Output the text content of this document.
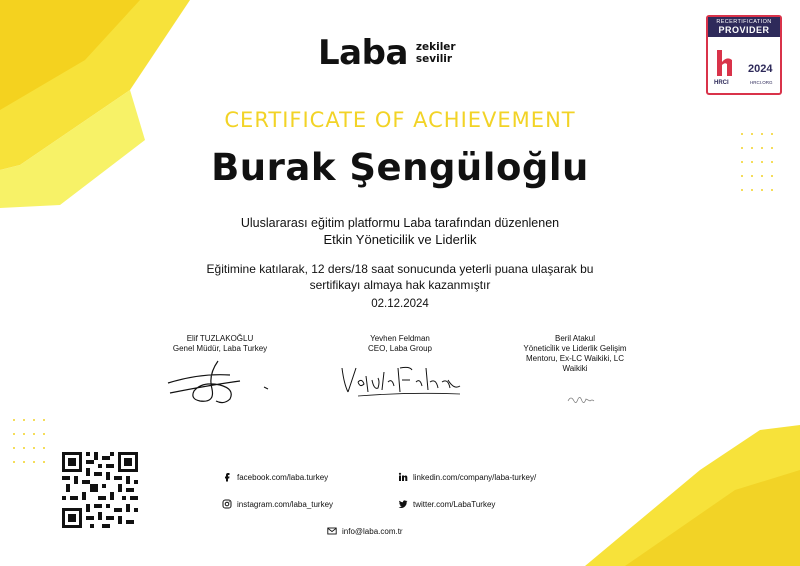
Laba zekiler
sevilir
RECERTIFICATION
PROVIDER
2024
HRCI	HRCI.ORG
CERTIFICATE OF ACHIEVEMENT
Burak Şengüloğlu
Uluslararası eğitim platformu Laba tarafından düzenlenen
Etkin Yöneticilik ve Liderlik
Eğitimine katılarak, 12 ders/18 saat sonucunda yeterli puana ulaşarak bu
sertifikayı almaya hak kazanmıştır
02.12.2024
Elif TUZLAKOĞLU
Genel Müdür, Laba Turkey
Yevhen Feldman
CEO, Laba Group
Beril Atakul
Yönetici̇lik ve Liderlik Gelişim
Mentoru, Ex-LC Waikiki, LC
Waikiki
facebook.com/laba.turkey	linkedin.com/company/laba-turkey/
instagram.com/laba_turkey	twitter.com/LabaTurkey
info@laba.com.tr
